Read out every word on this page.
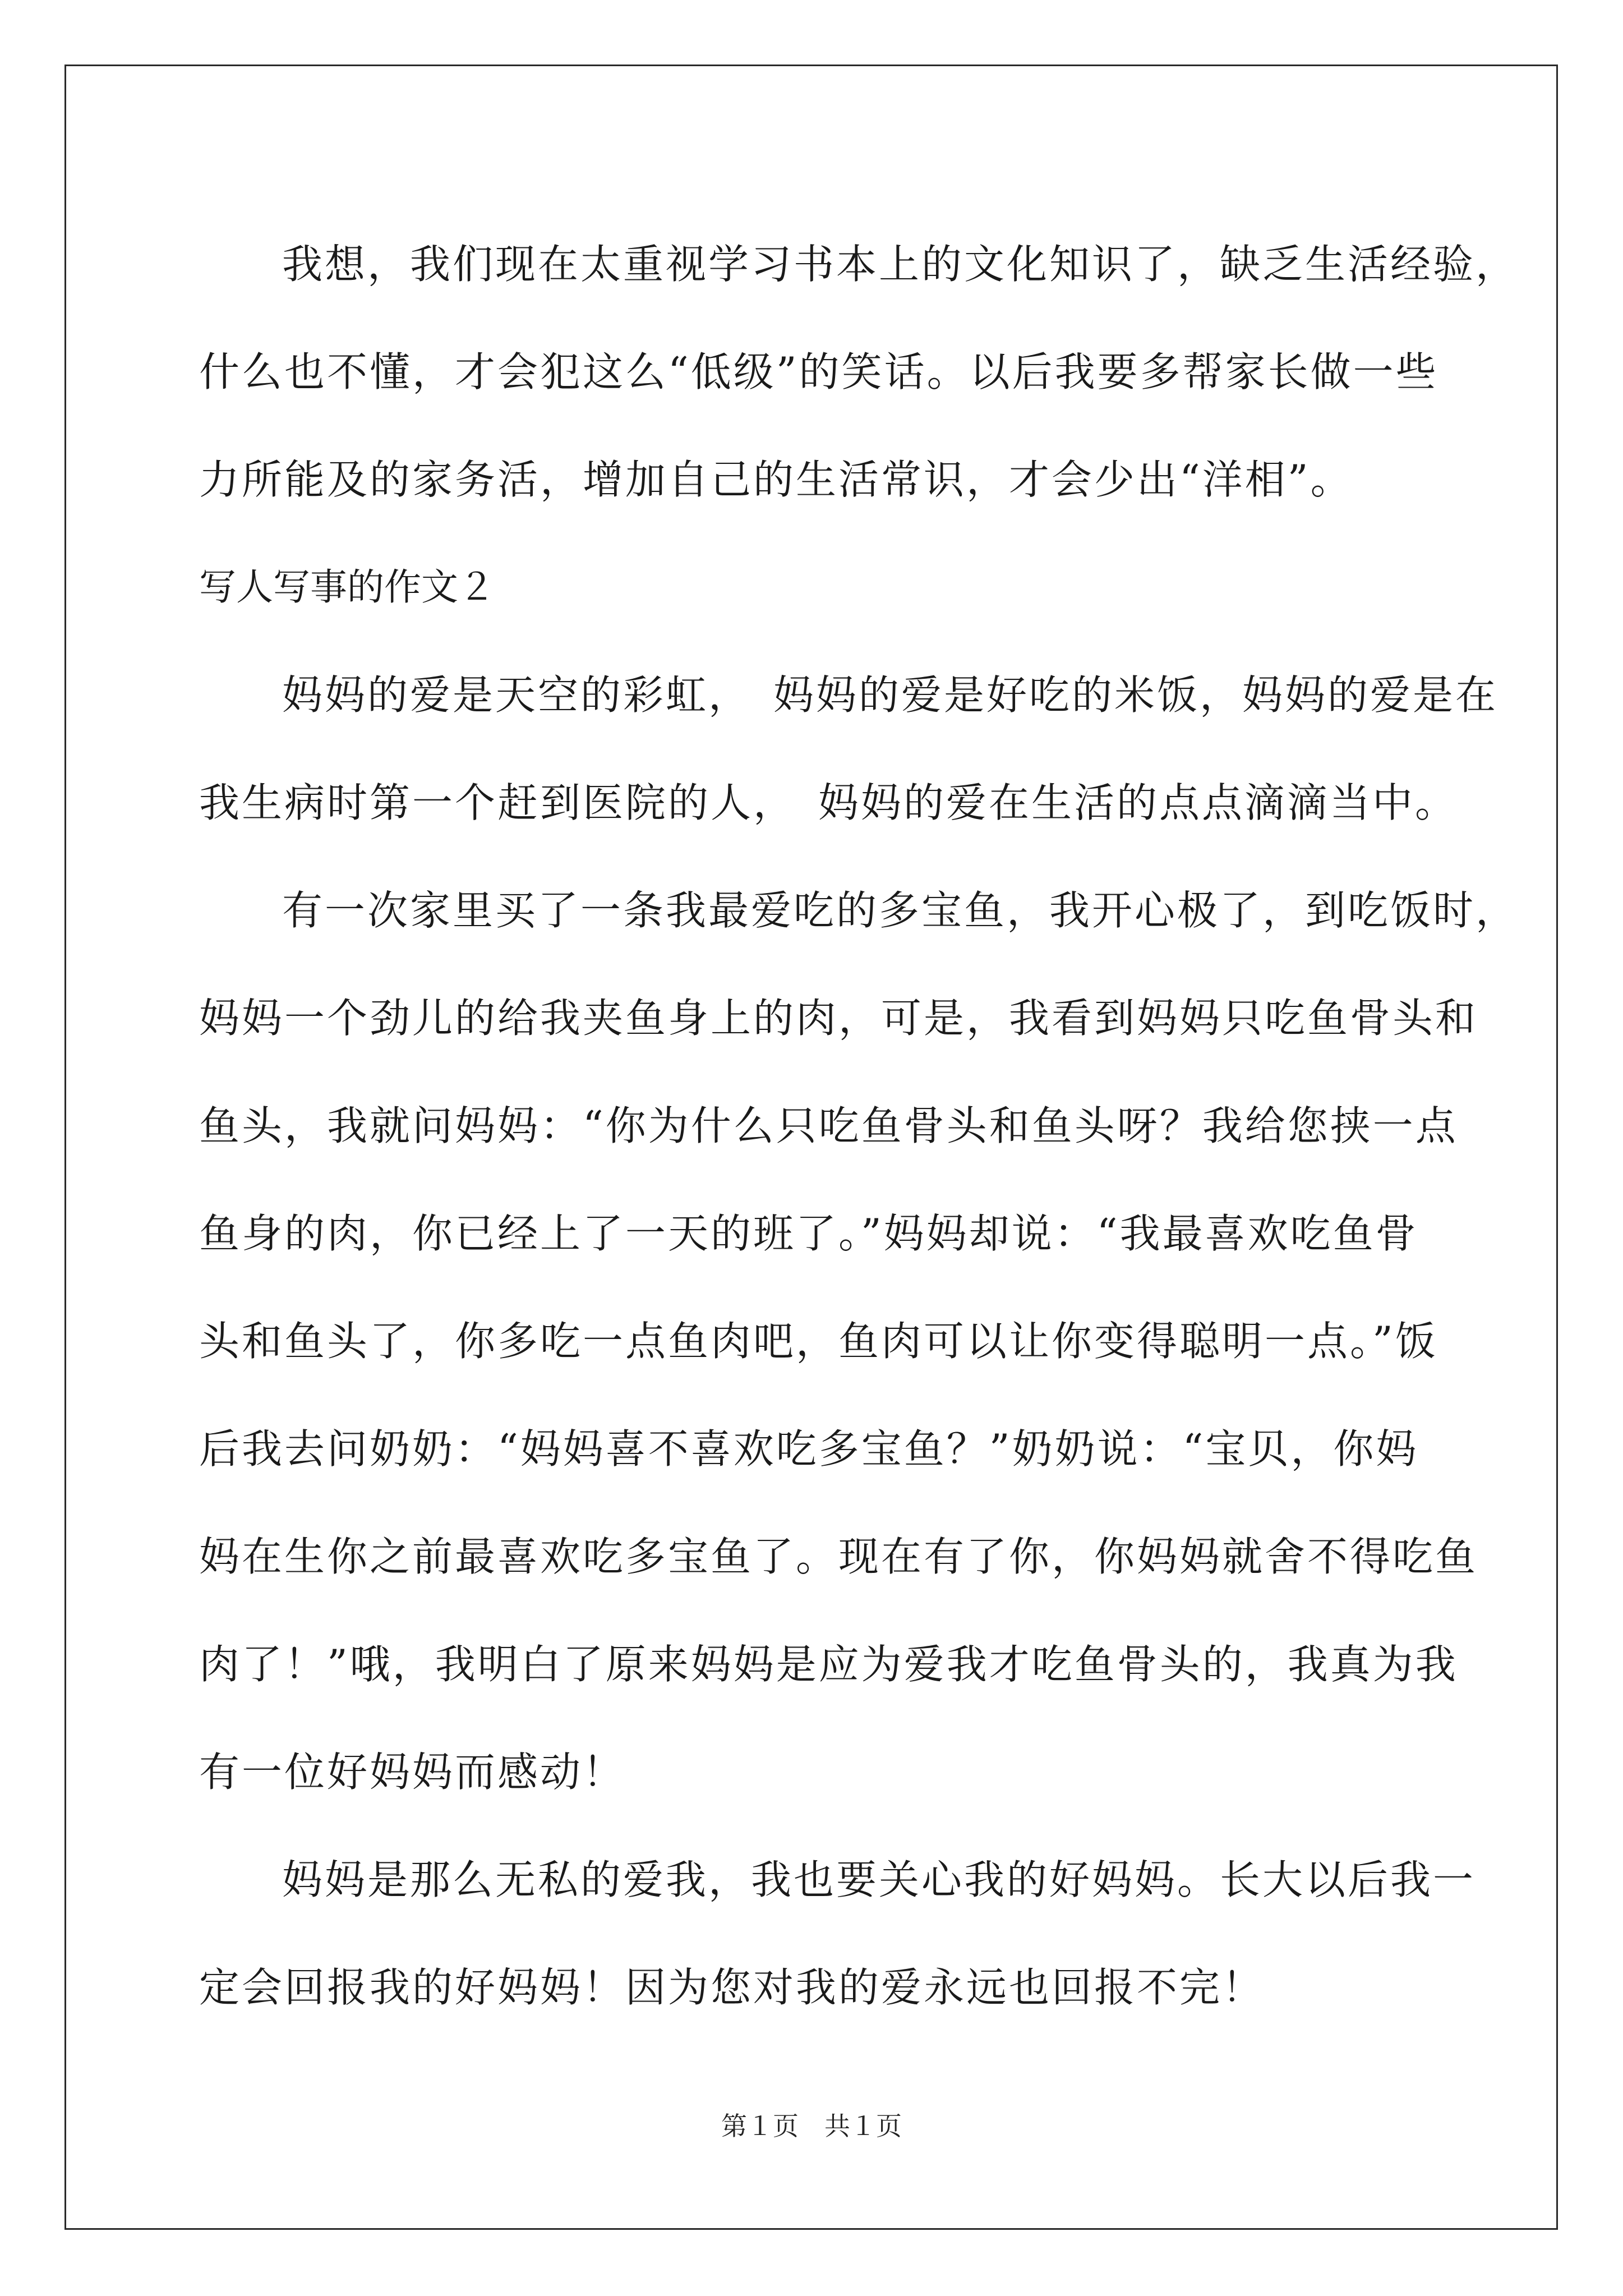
我想，我们现在太重视学习书本上的文化知识了，缺乏生活经验，
什么也不懂，才会犯这么“低级”的笑话。以后我要多帮家长做一些
力所能及的家务活，增加自己的生活常识，才会少出“洋相”。
写人写事的作文２
妈妈的爱是天空的彩虹，　妈妈的爱是好吃的米饭，妈妈的爱是在
我生病时第一个赶到医院的人，　妈妈的爱在生活的点点滴滴当中。
有一次家里买了一条我最爱吃的多宝鱼，我开心极了，到吃饭时，
妈妈一个劲儿的给我夹鱼身上的肉，可是，我看到妈妈只吃鱼骨头和
鱼头，我就问妈妈：“你为什么只吃鱼骨头和鱼头呀？我给您挟一点
鱼身的肉，你已经上了一天的班了。”妈妈却说：“我最喜欢吃鱼骨
头和鱼头了，你多吃一点鱼肉吧，鱼肉可以让你变得聪明一点。”饭
后我去问奶奶：“妈妈喜不喜欢吃多宝鱼？”奶奶说：“宝贝，你妈
妈在生你之前最喜欢吃多宝鱼了。现在有了你，你妈妈就舍不得吃鱼
肉了！”哦，我明白了原来妈妈是应为爱我才吃鱼骨头的，我真为我
有一位好妈妈而感动！
妈妈是那么无私的爱我，我也要关心我的好妈妈。长大以后我一
定会回报我的好妈妈！因为您对我的爱永远也回报不完！
第１页　共１页
